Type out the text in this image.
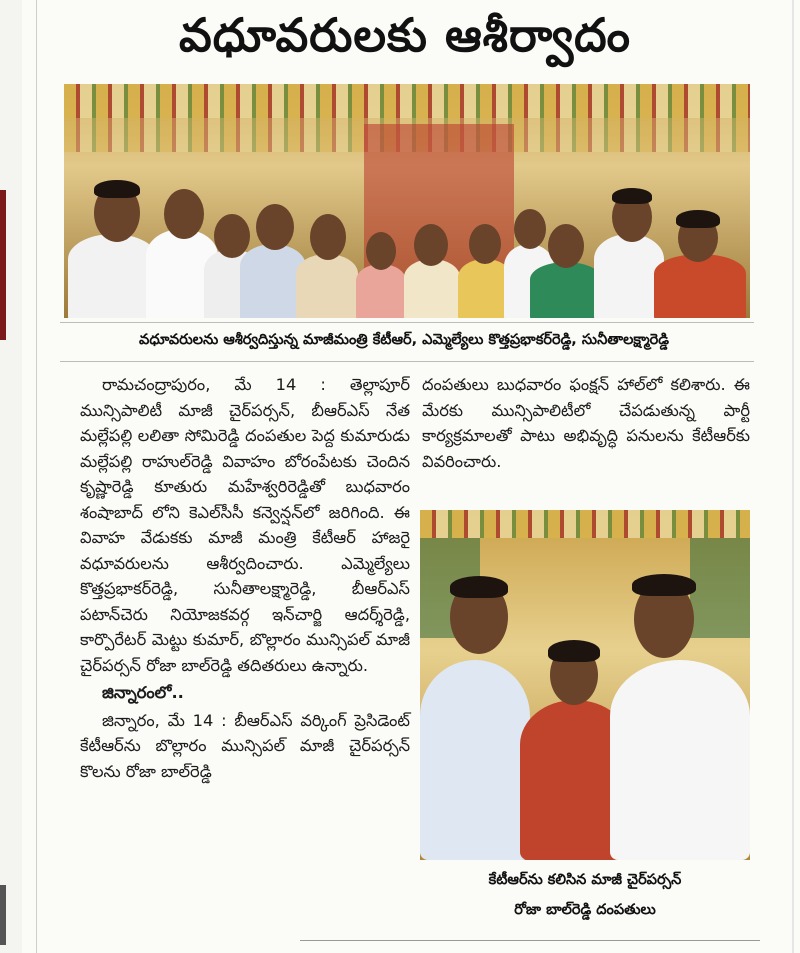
వధూవరులకు ఆశీర్వాదం
వధూవరులను ఆశీర్వదిస్తున్న మాజీమంత్రి కేటీఆర్, ఎమ్మెల్యేలు కొత్తప్రభాకర్‌రెడ్డి, సునీతాలక్ష్మారెడ్డి

రామచంద్రాపురం, మే 14 : తెల్లాపూర్ మున్సిపాలిటీ మాజీ చైర్‌పర్సన్, బీఆర్‌ఎస్ నేత మల్లేపల్లి లలితా సోమిరెడ్డి దంపతుల పెద్ద కుమారుడు మల్లేపల్లి రాహుల్‌రెడ్డి వివాహం బోరంపేటకు చెందిన కృష్ణారెడ్డి కూతురు మహేశ్వరిరెడ్డితో బుధవారం శంషాబాద్ లోని కెఎల్‌సీసీ కన్వెన్షన్‌లో జరిగింది. ఈ వివాహ వేడుకకు మాజీ మంత్రి కేటీఆర్ హాజరై వధూవరులను ఆశీర్వదించారు. ఎమ్మెల్యేలు కొత్తప్రభాకర్‌రెడ్డి, సునీతాలక్ష్మారెడ్డి, బీఆర్‌ఎస్ పటాన్‌చెరు నియోజకవర్గ ఇన్‌చార్జి ఆదర్శ్‌రెడ్డి, కార్పొరేటర్ మెట్టు కుమార్, బొల్లారం మున్సిపల్ మాజీ చైర్‌పర్సన్ రోజా బాల్‌రెడ్డి తదితరులు ఉన్నారు.

జిన్నారంలో..

జిన్నారం, మే 14 : బీఆర్‌ఎస్ వర్కింగ్ ప్రెసిడెంట్ కేటీఆర్‌ను బొల్లారం మున్సిపల్ మాజీ చైర్‌పర్సన్ కొలను రోజా బాల్‌రెడ్డి

దంపతులు బుధవారం ఫంక్షన్ హాల్‌లో కలిశారు. ఈ మేరకు మున్సిపాలిటీలో చేపడుతున్న పార్టీ కార్యక్రమాలతో పాటు అభివృద్ధి పనులను కేటీఆర్‌కు వివరించారు.

కేటీఆర్‌ను కలిసిన మాజీ చైర్‌పర్సన్
రోజా బాల్‌రెడ్డి దంపతులు
